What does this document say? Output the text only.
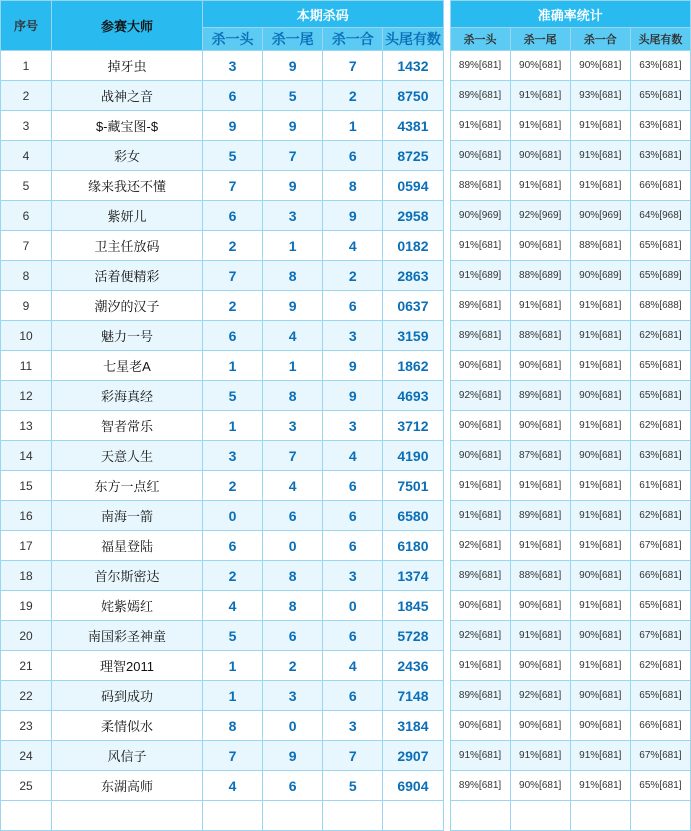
序号	参赛大师	本期杀码					准确率统计			
		杀一头	杀一尾	杀一合	头尾有数		杀一头	杀一尾	杀一合	头尾有数
1	掉牙虫	3	9	7	1432		89%[681]	90%[681]	90%[681]	63%[681]
2	战神之音	6	5	2	8750		89%[681]	91%[681]	93%[681]	65%[681]
3	$-藏宝图-$	9	9	1	4381		91%[681]	91%[681]	91%[681]	63%[681]
4	彩女	5	7	6	8725		90%[681]	90%[681]	91%[681]	63%[681]
5	缘来我还不懂	7	9	8	0594		88%[681]	91%[681]	91%[681]	66%[681]
6	紫妍儿	6	3	9	2958		90%[969]	92%[969]	90%[969]	64%[968]
7	卫主任放码	2	1	4	0182		91%[681]	90%[681]	88%[681]	65%[681]
8	活着便精彩	7	8	2	2863		91%[689]	88%[689]	90%[689]	65%[689]
9	潮汐的汉子	2	9	6	0637		89%[681]	91%[681]	91%[681]	68%[688]
10	魅力一号	6	4	3	3159		89%[681]	88%[681]	91%[681]	62%[681]
11	七星老A	1	1	9	1862		90%[681]	90%[681]	91%[681]	65%[681]
12	彩海真经	5	8	9	4693		92%[681]	89%[681]	90%[681]	65%[681]
13	智者常乐	1	3	3	3712		90%[681]	90%[681]	91%[681]	62%[681]
14	天意人生	3	7	4	4190		90%[681]	87%[681]	90%[681]	63%[681]
15	东方一点红	2	4	6	7501		91%[681]	91%[681]	91%[681]	61%[681]
16	南海一箭	0	6	6	6580		91%[681]	89%[681]	91%[681]	62%[681]
17	福星登陆	6	0	6	6180		92%[681]	91%[681]	91%[681]	67%[681]
18	首尔斯密达	2	8	3	1374		89%[681]	88%[681]	90%[681]	66%[681]
19	姹紫嫣红	4	8	0	1845		90%[681]	90%[681]	91%[681]	65%[681]
20	南国彩圣神童	5	6	6	5728		92%[681]	91%[681]	90%[681]	67%[681]
21	理智2011	1	2	4	2436		91%[681]	90%[681]	91%[681]	62%[681]
22	码到成功	1	3	6	7148		89%[681]	92%[681]	90%[681]	65%[681]
23	柔情似水	8	0	3	3184		90%[681]	90%[681]	90%[681]	66%[681]
24	风信子	7	9	7	2907		91%[681]	91%[681]	91%[681]	67%[681]
25	东湖高师	4	6	5	6904		89%[681]	90%[681]	91%[681]	65%[681]
